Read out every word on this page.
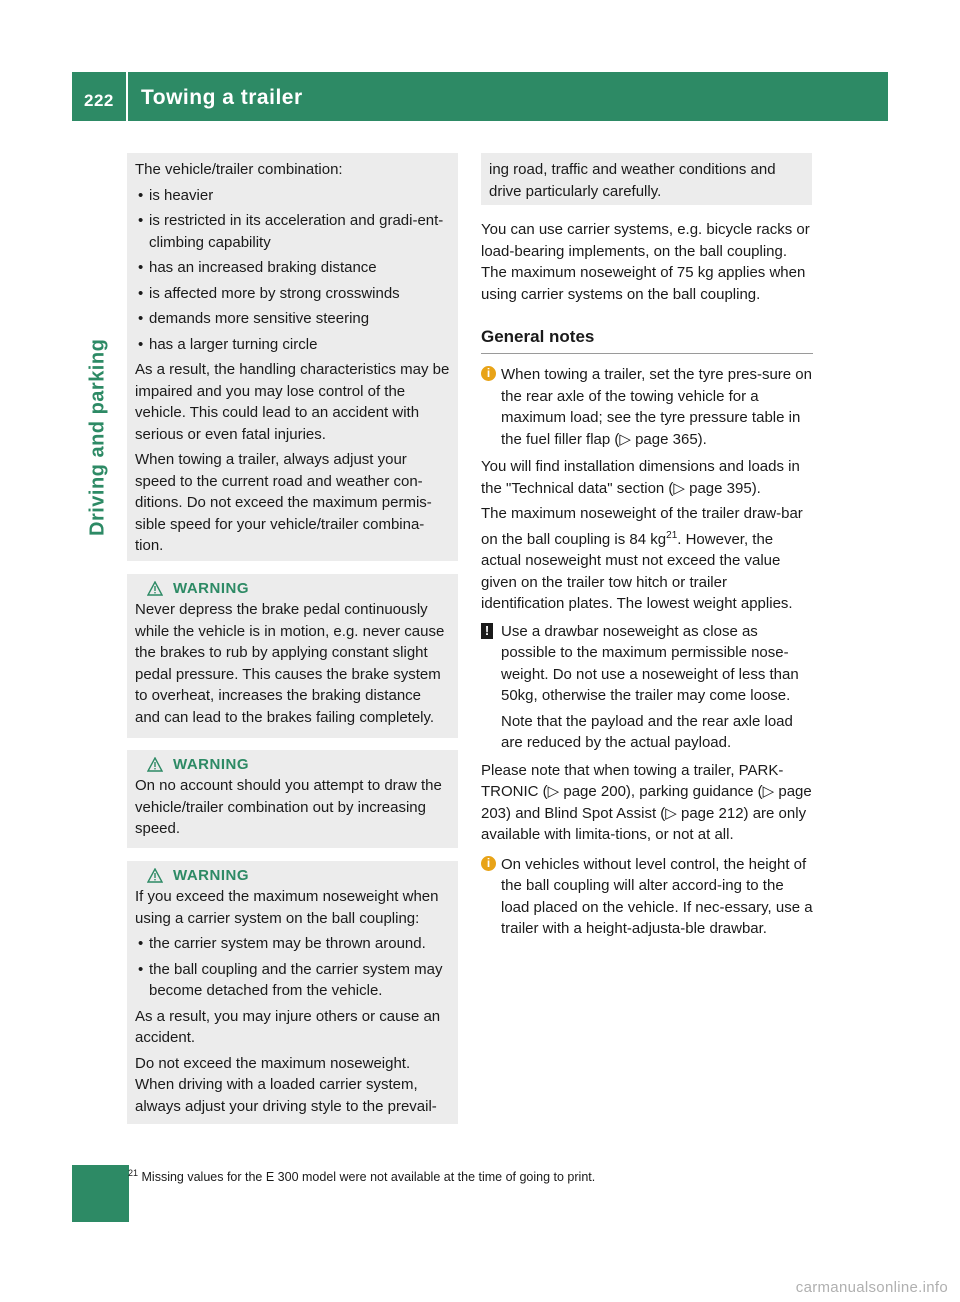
222 Towing a trailer
Driving and parking

The vehicle/trailer combination:

• is heavier

• is restricted in its acceleration and gradi-ent-climbing capability

• has an increased braking distance

• is affected more by strong crosswinds

• demands more sensitive steering

• has a larger turning circle

As a result, the handling characteristics may be impaired and you may lose control of the vehicle. This could lead to an accident with serious or even fatal injuries.

When towing a trailer, always adjust your speed to the current road and weather con-ditions. Do not exceed the maximum permis-sible speed for your vehicle/trailer combina-tion.

WARNING

Never depress the brake pedal continuously while the vehicle is in motion, e.g. never cause the brakes to rub by applying constant slight pedal pressure. This causes the brake system to overheat, increases the braking distance and can lead to the brakes failing completely.

WARNING

On no account should you attempt to draw the vehicle/trailer combination out by increasing speed.

WARNING

If you exceed the maximum noseweight when using a carrier system on the ball coupling:

• the carrier system may be thrown around.

• the ball coupling and the carrier system may become detached from the vehicle.

As a result, you may injure others or cause an accident.

Do not exceed the maximum noseweight. When driving with a loaded carrier system, always adjust your driving style to the prevail-

ing road, traffic and weather conditions and drive particularly carefully.

You can use carrier systems, e.g. bicycle racks or load-bearing implements, on the ball coupling. The maximum noseweight of 75 kg applies when using carrier systems on the ball coupling.

General notes
i When towing a trailer, set the tyre pres-sure on the rear axle of the towing vehicle for a maximum load; see the tyre pressure table in the fuel filler flap (▷ page 365).

You will find installation dimensions and loads in the "Technical data" section (▷ page 395).

The maximum noseweight of the trailer draw-bar on the ball coupling is 84 $kg^{21}$. However, the actual noseweight must not exceed the value given on the trailer tow hitch or trailer identification plates. The lowest weight applies.

! Use a drawbar noseweight as close as possible to the maximum permissible nose-weight. Do not use a noseweight of less than 50kg, otherwise the trailer may come loose.

Note that the payload and the rear axle load are reduced by the actual payload.

Please note that when towing a trailer, PARK-TRONIC (▷ page 200), parking guidance (▷ page 203) and Blind Spot Assist (▷ page 212) are only available with limita-tions, or not at all.

i On vehicles without level control, the height of the ball coupling will alter accord-ing to the load placed on the vehicle. If nec-essary, use a trailer with a height-adjusta-ble drawbar.

$^{21}$ Missing values for the E 300 model were not available at the time of going to print.
carmanualsonline.info
